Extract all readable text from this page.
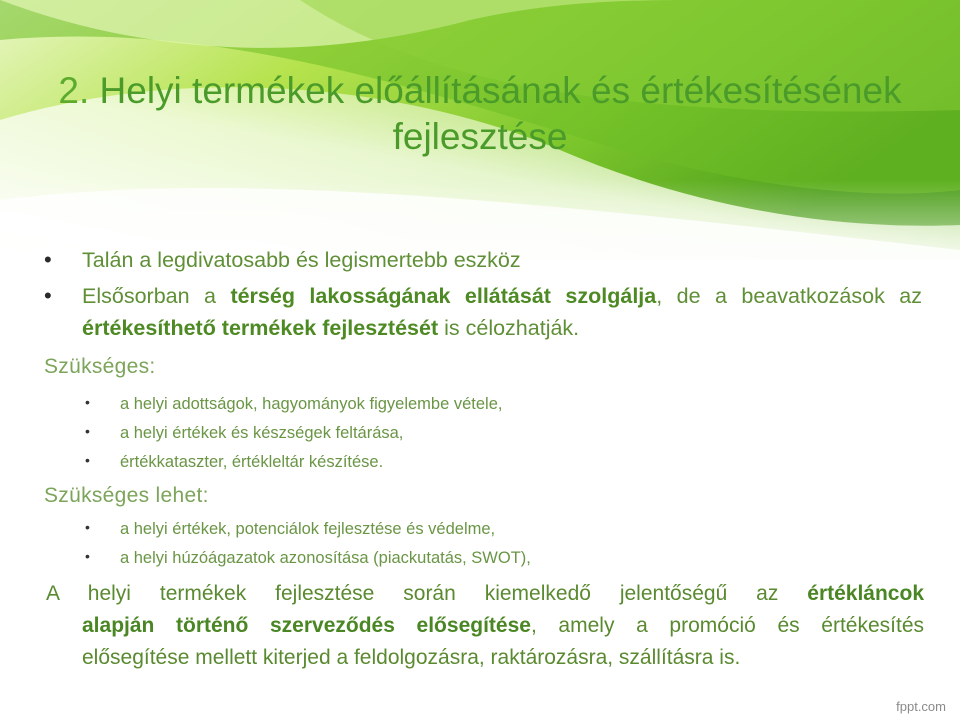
2. Helyi termékek előállításának és értékesítésének
fejlesztése
• Talán a legdivatosabb és legismertebb eszköz
• Elsősorban a térség lakosságának ellátását szolgálja, de a beavatkozások az értékesíthető termékek fejlesztését is célozhatják.
Szükséges:
• a helyi adottságok, hagyományok figyelembe vétele,
• a helyi értékek és készségek feltárása,
• értékkataszter, értékleltár készítése.
Szükséges lehet:
• a helyi értékek, potenciálok fejlesztése és védelme,
• a helyi húzóágazatok azonosítása (piackutatás, SWOT),
A helyi termékek fejlesztése során kiemelkedő jelentőségű az értékláncok
alapján történő szerveződés elősegítése, amely a promóció és értékesítés
elősegítése mellett kiterjed a feldolgozásra, raktározásra, szállításra is.
fppt.com
